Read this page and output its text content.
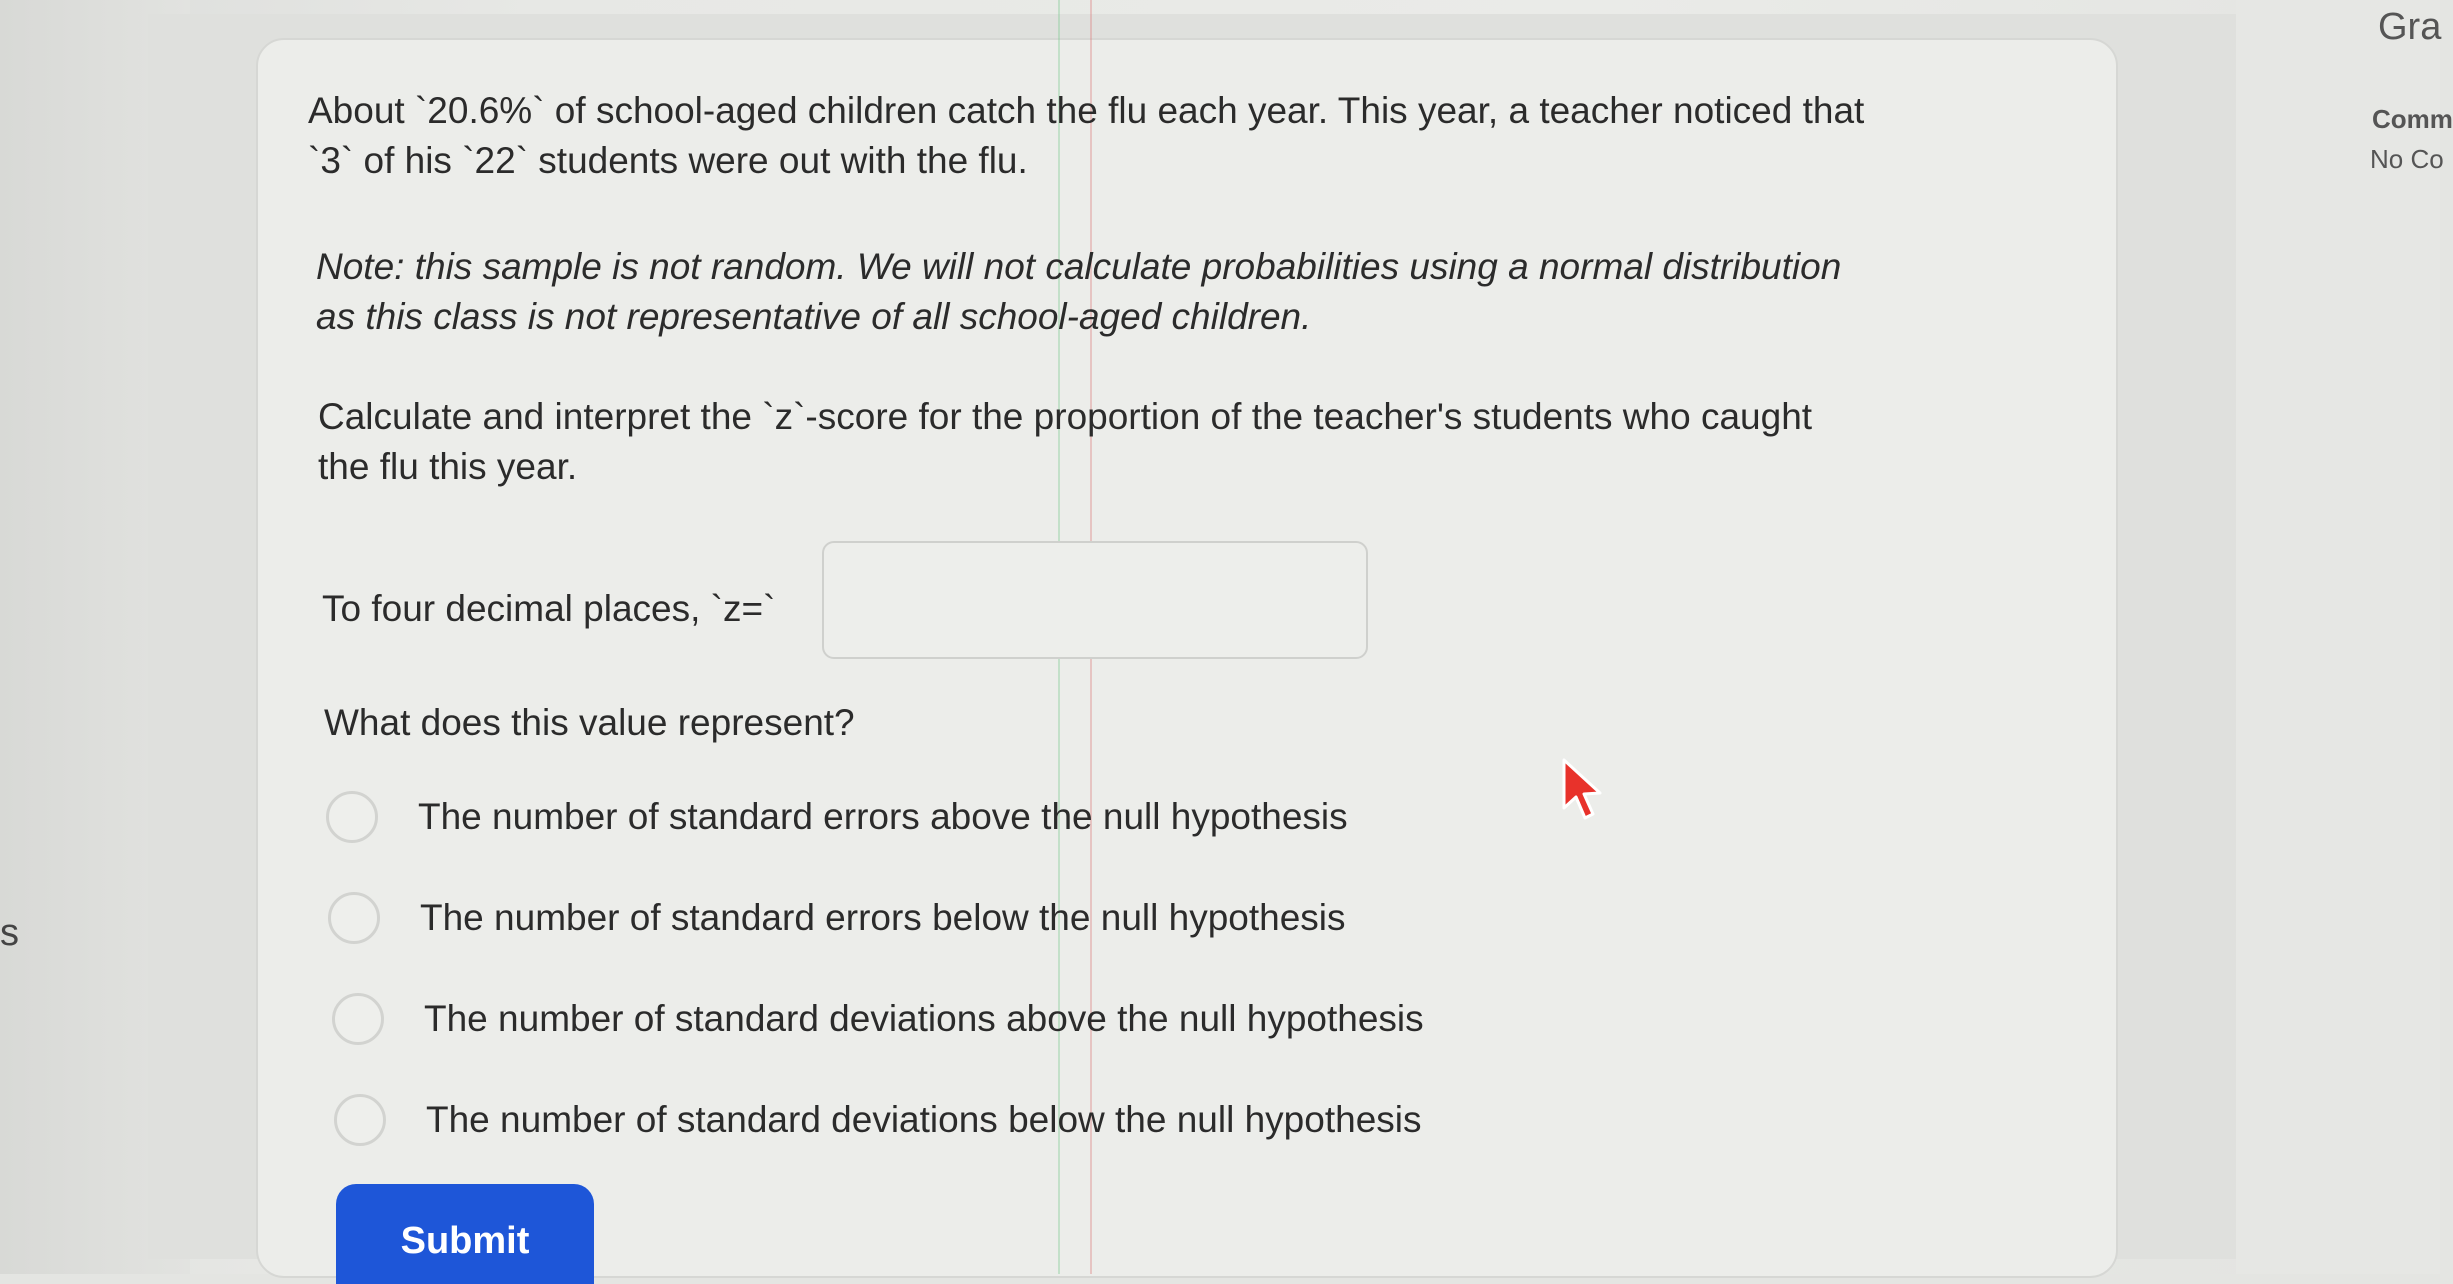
s
About `20.6%` of school-aged children catch the flu each year. This year, a teacher noticed that
`3` of his `22` students were out with the flu.
Note: this sample is not random. We will not calculate probabilities using a normal distribution
as this class is not representative of all school-aged children.
Calculate and interpret the `z`-score for the proportion of the teacher's students who caught
the flu this year.
To four decimal places, `z=`
What does this value represent?
The number of standard errors above the null hypothesis
The number of standard errors below the null hypothesis
The number of standard deviations above the null hypothesis
The number of standard deviations below the null hypothesis
Submit
Gra
Comm
No Co
